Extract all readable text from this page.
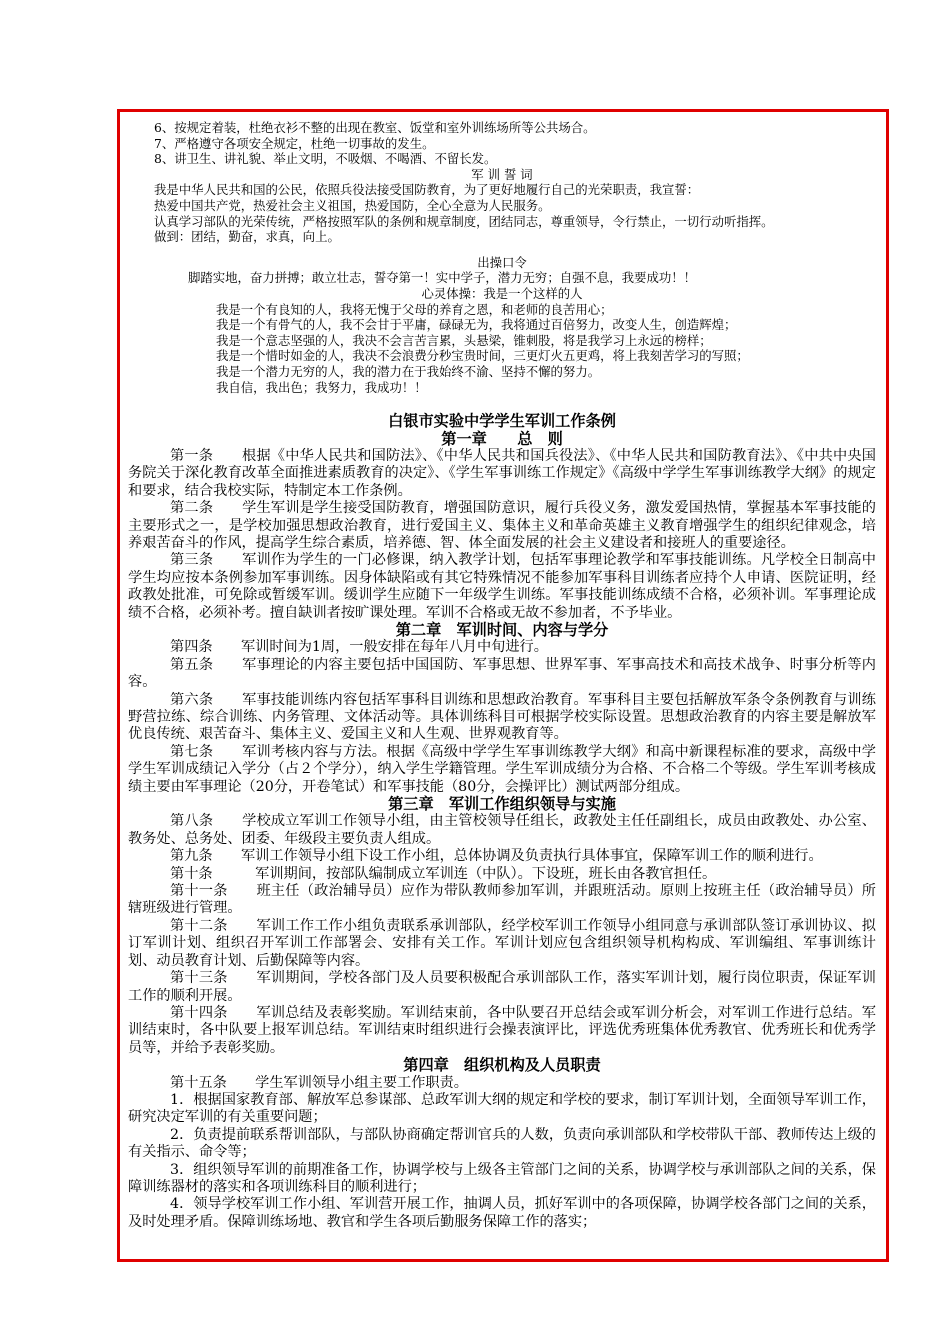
6、按规定着装，杜绝衣衫不整的出现在教室、饭堂和室外训练场所等公共场合。
7、严格遵守各项安全规定，杜绝一切事故的发生。
8、讲卫生、讲礼貌、举止文明，不吸烟、不喝酒、不留长发。
军 训 誓 词
我是中华人民共和国的公民，依照兵役法接受国防教育，为了更好地履行自己的光荣职责，我宣誓：
热爱中国共产党，热爱社会主义祖国，热爱国防，全心全意为人民服务。
认真学习部队的光荣传统，严格按照军队的条例和规章制度，团结同志，尊重领导，令行禁止，一切行动听指挥。
做到：团结，勤奋，求真，向上。
出操口令
脚踏实地，奋力拼搏；敢立壮志，誓夺第一！实中学子，潜力无穷；自强不息，我要成功！！
心灵体操：我是一个这样的人
我是一个有良知的人，我将无愧于父母的养育之恩，和老师的良苦用心；
我是一个有骨气的人，我不会甘于平庸，碌碌无为，我将通过百倍努力，改变人生，创造辉煌；
我是一个意志坚强的人，我决不会言苦言累，头悬梁，锥刺股，将是我学习上永远的榜样；
我是一个惜时如金的人，我决不会浪费分秒宝贵时间，三更灯火五更鸡，将上我刻苦学习的写照；
我是一个潜力无穷的人，我的潜力在于我始终不渝、坚持不懈的努力。
我自信，我出色；我努力，我成功！！
白银市实验中学学生军训工作条例
第一章　　总　则

第一条　　根据《中华人民共和国防法》、《中华人民共和国兵役法》、《中华人民共和国防教育法》、《中共中央国务院关于深化教育改革全面推进素质教育的决定》、《学生军事训练工作规定》《高级中学学生军事训练教学大纲》的规定和要求，结合我校实际，特制定本工作条例。

第二条　　学生军训是学生接受国防教育，增强国防意识，履行兵役义务，激发爱国热情，掌握基本军事技能的主要形式之一，是学校加强思想政治教育，进行爱国主义、集体主义和革命英雄主义教育增强学生的组织纪律观念，培养艰苦奋斗的作风，提高学生综合素质，培养德、智、体全面发展的社会主义建设者和接班人的重要途径。

第三条　　军训作为学生的一门必修课，纳入教学计划，包括军事理论教学和军事技能训练。凡学校全日制高中学生均应按本条例参加军事训练。因身体缺陷或有其它特殊情况不能参加军事科目训练者应持个人申请、医院证明，经政教处批准，可免除或暂缓军训。缓训学生应随下一年级学生训练。军事技能训练成绩不合格，必须补训。军事理论成绩不合格，必须补考。擅自缺训者按旷课处理。军训不合格或无故不参加者，不予毕业。

第二章　军训时间、内容与学分

第四条　　军训时间为1周，一般安排在每年八月中旬进行。

第五条　　军事理论的内容主要包括中国国防、军事思想、世界军事、军事高技术和高技术战争、时事分析等内容。

第六条　　军事技能训练内容包括军事科目训练和思想政治教育。军事科目主要包括解放军条令条例教育与训练野营拉练、综合训练、内务管理、文体活动等。具体训练科目可根据学校实际设置。思想政治教育的内容主要是解放军优良传统、艰苦奋斗、集体主义、爱国主义和人生观、世界观教育等。

第七条　　军训考核内容与方法。根据《高级中学学生军事训练教学大纲》和高中新课程标准的要求，高级中学学生军训成绩记入学分（占２个学分），纳入学生学籍管理。学生军训成绩分为合格、不合格二个等级。学生军训考核成绩主要由军事理论（20分，开卷笔试）和军事技能（80分，会操评比）测试两部分组成。

第三章　军训工作组织领导与实施

第八条　　学校成立军训工作领导小组，由主管校领导任组长，政教处主任任副组长，成员由政教处、办公室、教务处、总务处、团委、年级段主要负责人组成。

第九条　　军训工作领导小组下设工作小组，总体协调及负责执行具体事宜，保障军训工作的顺利进行。

第十条　　　军训期间，按部队编制成立军训连（中队）。下设班，班长由各教官担任。

第十一条　　班主任（政治辅导员）应作为带队教师参加军训，并跟班活动。原则上按班主任（政治辅导员）所辖班级进行管理。

第十二条　　军训工作工作小组负责联系承训部队，经学校军训工作领导小组同意与承训部队签订承训协议、拟订军训计划、组织召开军训工作部署会、安排有关工作。军训计划应包含组织领导机构构成、军训编组、军事训练计划、动员教育计划、后勤保障等内容。

第十三条　　军训期间，学校各部门及人员要积极配合承训部队工作，落实军训计划，履行岗位职责，保证军训工作的顺利开展。

第十四条　　军训总结及表彰奖励。军训结束前，各中队要召开总结会或军训分析会，对军训工作进行总结。军训结束时，各中队要上报军训总结。军训结束时组织进行会操表演评比，评选优秀班集体优秀教官、优秀班长和优秀学员等，并给予表彰奖励。

第四章　组织机构及人员职责

第十五条　　学生军训领导小组主要工作职责。

1．根据国家教育部、解放军总参谋部、总政军训大纲的规定和学校的要求，制订军训计划，全面领导军训工作，研究决定军训的有关重要问题；

2．负责提前联系帮训部队，与部队协商确定帮训官兵的人数，负责向承训部队和学校带队干部、教师传达上级的有关指示、命令等；

3．组织领导军训的前期准备工作，协调学校与上级各主管部门之间的关系，协调学校与承训部队之间的关系，保障训练器材的落实和各项训练科目的顺利进行；

4．领导学校军训工作小组、军训营开展工作，抽调人员，抓好军训中的各项保障，协调学校各部门之间的关系，及时处理矛盾。保障训练场地、教官和学生各项后勤服务保障工作的落实；
